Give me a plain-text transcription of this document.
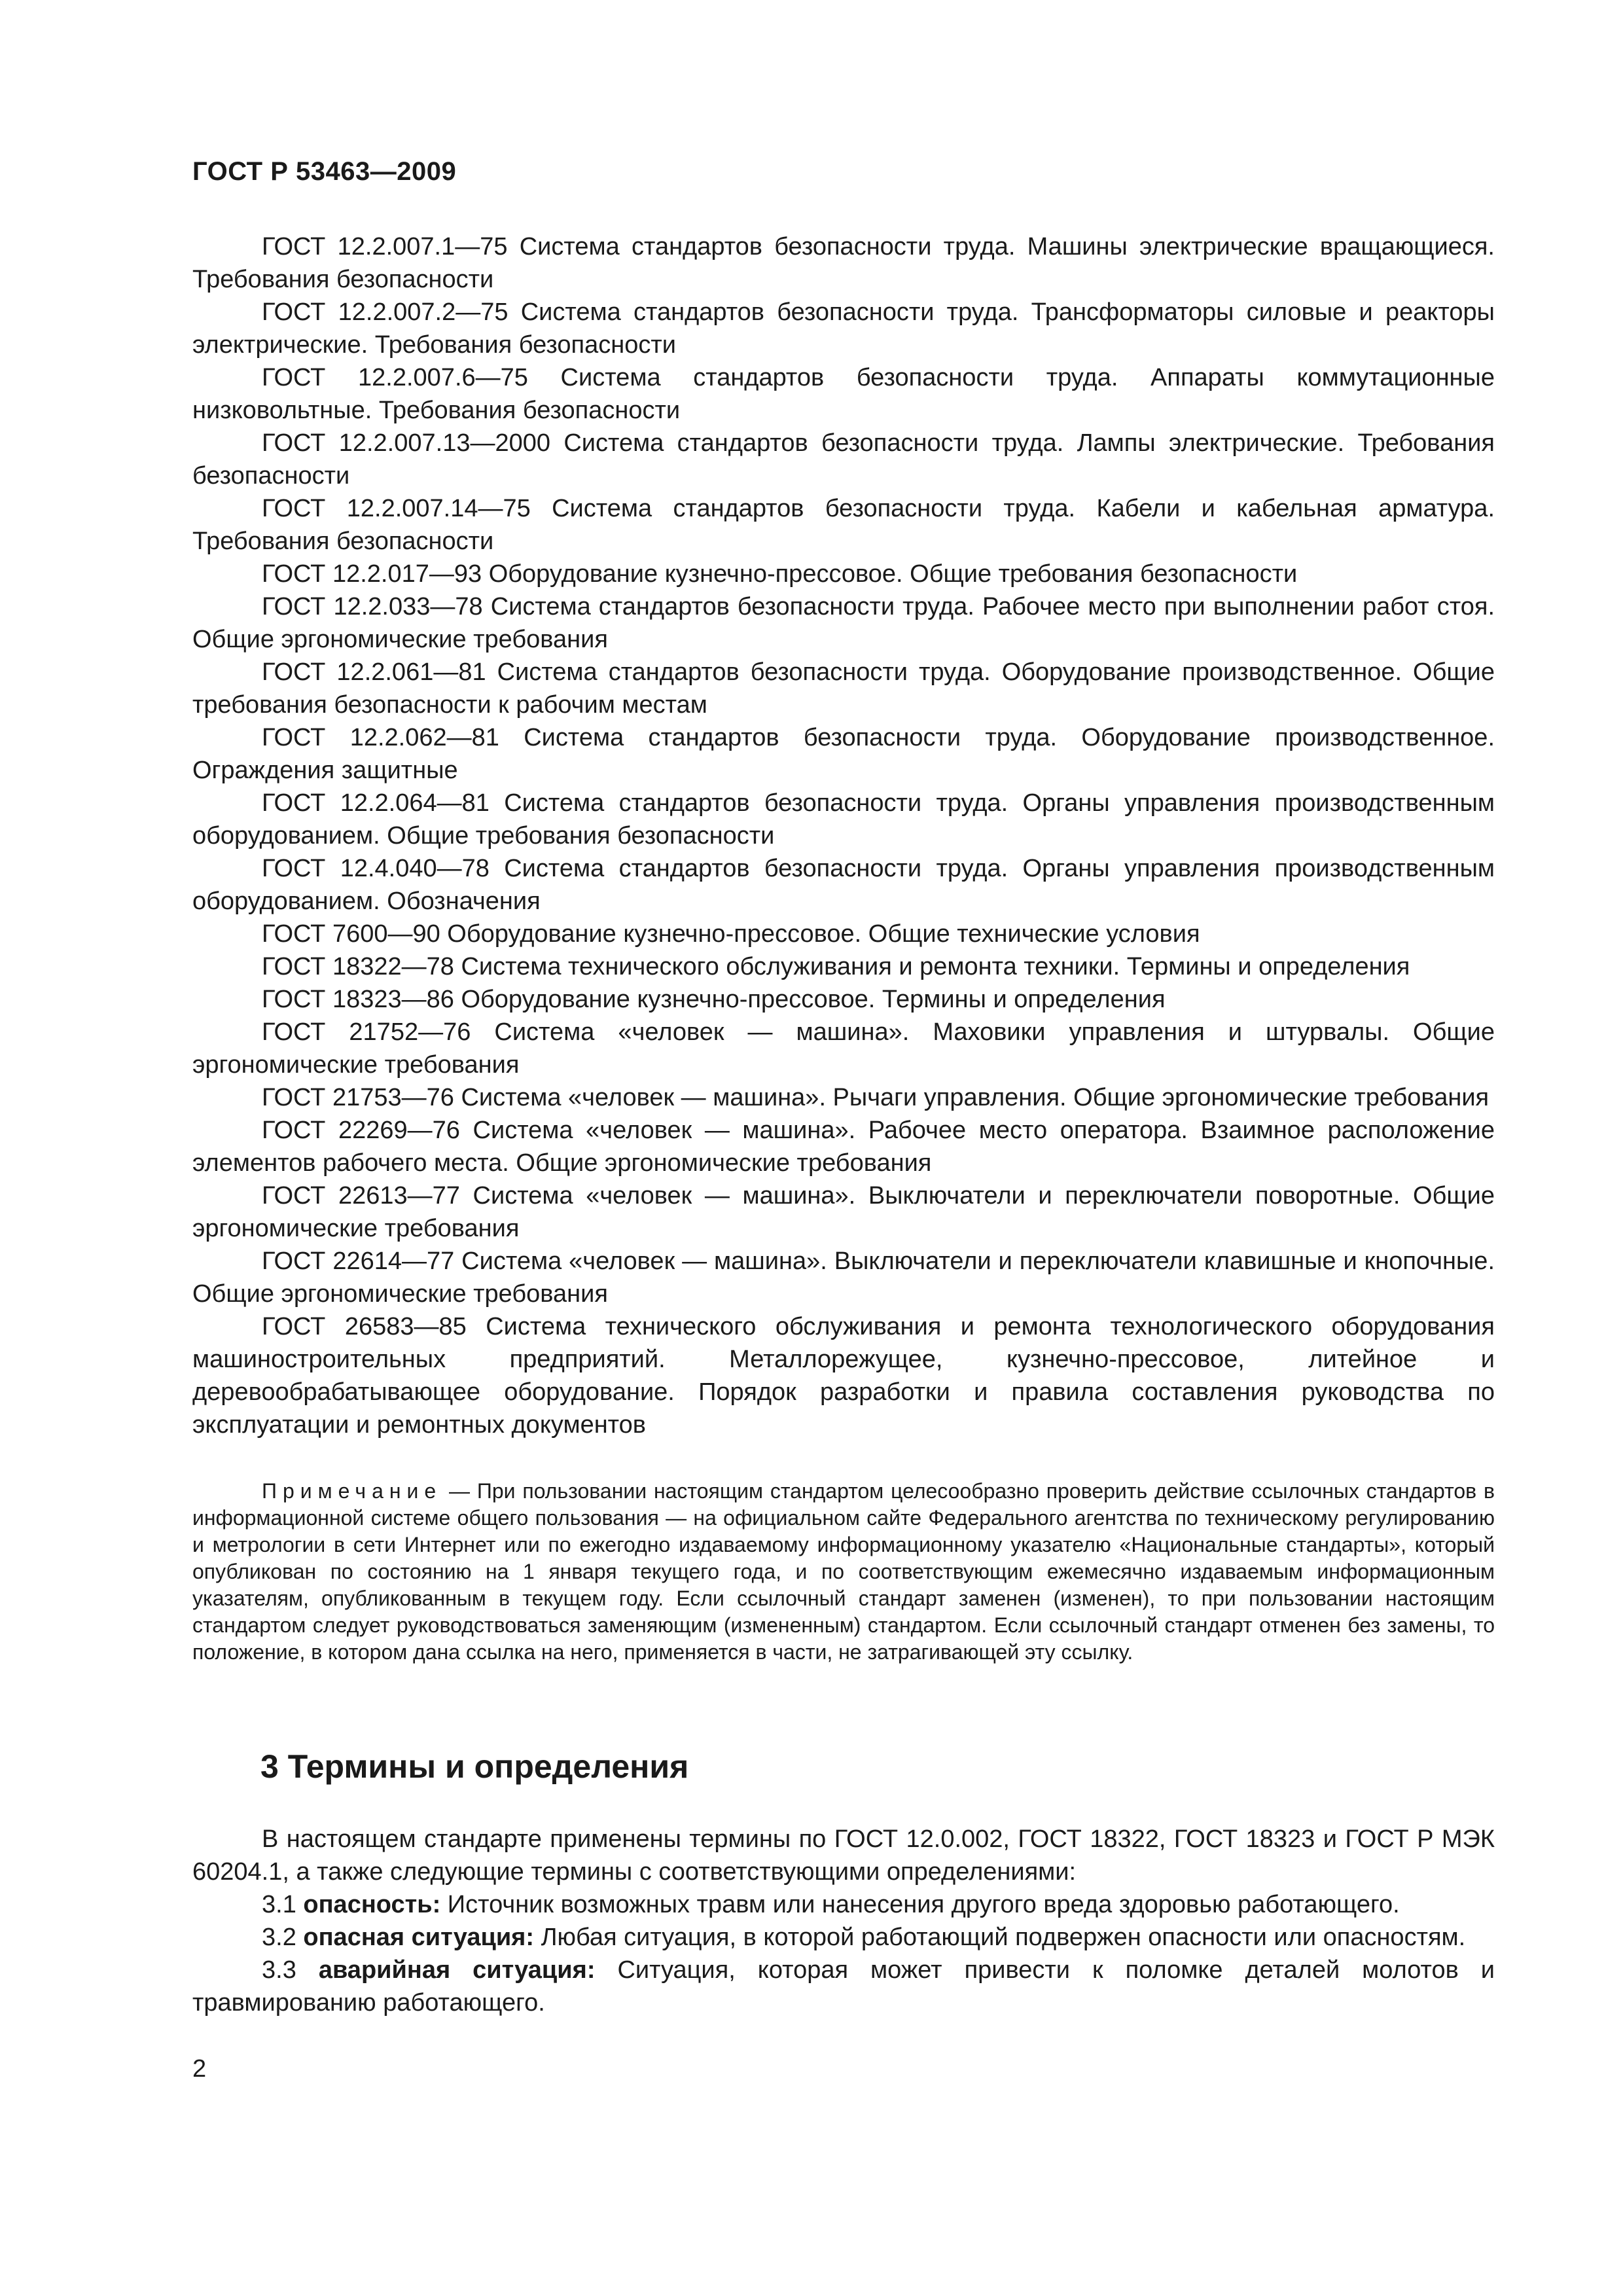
ГОСТ Р 53463—2009

ГОСТ 12.2.007.1—75 Система стандартов безопасности труда. Машины электрические вращающиеся. Требования безопасности

ГОСТ 12.2.007.2—75 Система стандартов безопасности труда. Трансформаторы силовые и реакторы электрические. Требования безопасности

ГОСТ 12.2.007.6—75 Система стандартов безопасности труда. Аппараты коммутационные низковольтные. Требования безопасности

ГОСТ 12.2.007.13—2000 Система стандартов безопасности труда. Лампы электрические. Требования безопасности

ГОСТ 12.2.007.14—75 Система стандартов безопасности труда. Кабели и кабельная арматура. Требования безопасности

ГОСТ 12.2.017—93 Оборудование кузнечно-прессовое. Общие требования безопасности

ГОСТ 12.2.033—78 Система стандартов безопасности труда. Рабочее место при выполнении работ стоя. Общие эргономические требования

ГОСТ 12.2.061—81 Система стандартов безопасности труда. Оборудование производственное. Общие требования безопасности к рабочим местам

ГОСТ 12.2.062—81 Система стандартов безопасности труда. Оборудование производственное. Ограждения защитные

ГОСТ 12.2.064—81 Система стандартов безопасности труда. Органы управления производственным оборудованием. Общие требования безопасности

ГОСТ 12.4.040—78 Система стандартов безопасности труда. Органы управления производственным оборудованием. Обозначения

ГОСТ 7600—90 Оборудование кузнечно-прессовое. Общие технические условия

ГОСТ 18322—78 Система технического обслуживания и ремонта техники. Термины и определения

ГОСТ 18323—86 Оборудование кузнечно-прессовое. Термины и определения

ГОСТ 21752—76 Система «человек — машина». Маховики управления и штурвалы. Общие эргономические требования

ГОСТ 21753—76 Система «человек — машина». Рычаги управления. Общие эргономические требования

ГОСТ 22269—76 Система «человек — машина». Рабочее место оператора. Взаимное расположение элементов рабочего места. Общие эргономические требования

ГОСТ 22613—77 Система «человек — машина». Выключатели и переключатели поворотные. Общие эргономические требования

ГОСТ 22614—77 Система «человек — машина». Выключатели и переключатели клавишные и кнопочные. Общие эргономические требования

ГОСТ 26583—85 Система технического обслуживания и ремонта технологического оборудования машиностроительных предприятий. Металлорежущее, кузнечно-прессовое, литейное и деревообрабатывающее оборудование. Порядок разработки и правила составления руководства по эксплуатации и ремонтных документов

Примечание — При пользовании настоящим стандартом целесообразно проверить действие ссылочных стандартов в информационной системе общего пользования — на официальном сайте Федерального агентства по техническому регулированию и метрологии в сети Интернет или по ежегодно издаваемому информационному указателю «Национальные стандарты», который опубликован по состоянию на 1 января текущего года, и по соответствующим ежемесячно издаваемым информационным указателям, опубликованным в текущем году. Если ссылочный стандарт заменен (изменен), то при пользовании настоящим стандартом следует руководствоваться заменяющим (измененным) стандартом. Если ссылочный стандарт отменен без замены, то положение, в котором дана ссылка на него, применяется в части, не затрагивающей эту ссылку.

3 Термины и определения

В настоящем стандарте применены термины по ГОСТ 12.0.002, ГОСТ 18322, ГОСТ 18323 и ГОСТ Р МЭК 60204.1, а также следующие термины с соответствующими определениями:

3.1 опасность: Источник возможных травм или нанесения другого вреда здоровью работающего.

3.2 опасная ситуация: Любая ситуация, в которой работающий подвержен опасности или опасностям.

3.3 аварийная ситуация: Ситуация, которая может привести к поломке деталей молотов и травмированию работающего.

2
